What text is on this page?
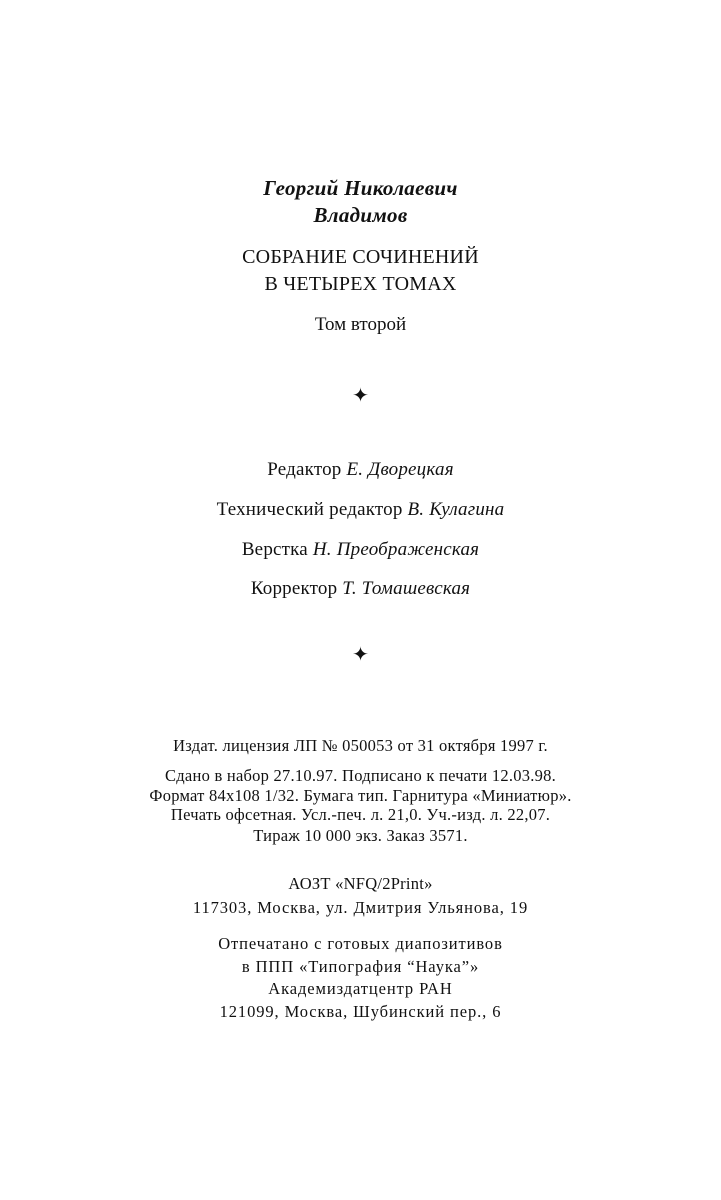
Георгий Николаевич
Владимов
СОБРАНИЕ СОЧИНЕНИЙ
В ЧЕТЫРЕХ ТОМАХ
Том второй
✦
Редактор Е. Дворецкая
Технический редактор В. Кулагина
Верстка Н. Преображенская
Корректор Т. Томашевская
✦
Издат. лицензия ЛП № 050053 от 31 октября 1997 г.
Сдано в набор 27.10.97. Подписано к печати 12.03.98.
Формат 84x108 1/32. Бумага тип. Гарнитура «Миниатюр».
Печать офсетная. Усл.-печ. л. 21,0. Уч.-изд. л. 22,07.
Тираж 10 000 экз. Заказ 3571.
АОЗТ «NFQ/2Print»
117303, Москва, ул. Дмитрия Ульянова, 19
Отпечатано с готовых диапозитивов
в ППП «Типография “Наука”»
Академиздатцентр РАН
121099, Москва, Шубинский пер., 6
